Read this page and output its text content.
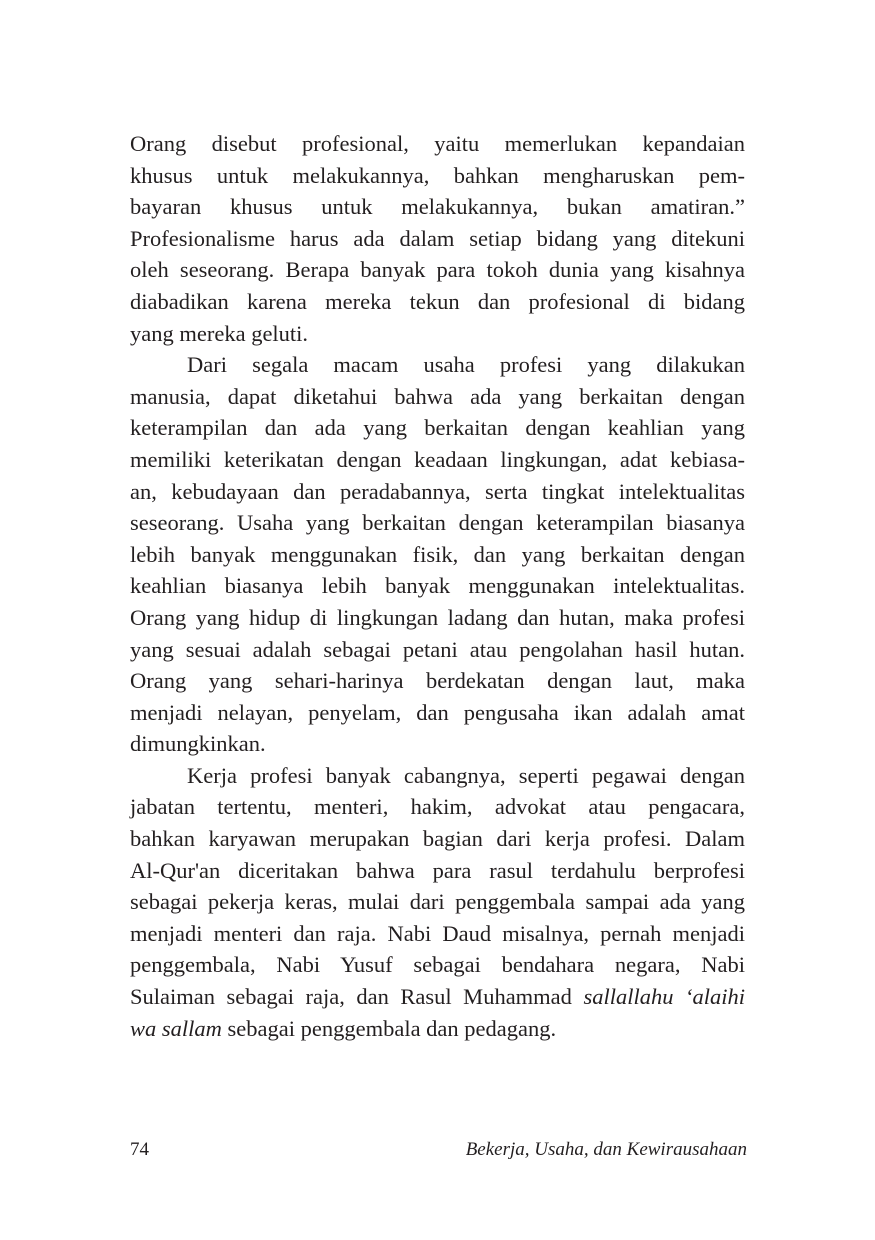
Orang disebut profesional, yaitu memerlukan kepandaian
khusus untuk melakukannya, bahkan mengharuskan pem-
bayaran khusus untuk melakukannya, bukan amatiran.”
Profesionalisme harus ada dalam setiap bidang yang ditekuni
oleh seseorang. Berapa banyak para tokoh dunia yang kisahnya
diabadikan karena mereka tekun dan profesional di bidang
yang mereka geluti.

Dari segala macam usaha profesi yang dilakukan
manusia, dapat diketahui bahwa ada yang berkaitan dengan
keterampilan dan ada yang berkaitan dengan keahlian yang
memiliki keterikatan dengan keadaan lingkungan, adat kebiasa-
an, kebudayaan dan peradabannya, serta tingkat intelektualitas
seseorang. Usaha yang berkaitan dengan keterampilan biasanya
lebih banyak menggunakan fisik, dan yang berkaitan dengan
keahlian biasanya lebih banyak menggunakan intelektualitas.
Orang yang hidup di lingkungan ladang dan hutan, maka profesi
yang sesuai adalah sebagai petani atau pengolahan hasil hutan.
Orang yang sehari-harinya berdekatan dengan laut, maka
menjadi nelayan, penyelam, dan pengusaha ikan adalah amat
dimungkinkan.

Kerja profesi banyak cabangnya, seperti pegawai dengan
jabatan tertentu, menteri, hakim, advokat atau pengacara,
bahkan karyawan merupakan bagian dari kerja profesi. Dalam
Al-Qur'an diceritakan bahwa para rasul terdahulu berprofesi
sebagai pekerja keras, mulai dari penggembala sampai ada yang
menjadi menteri dan raja. Nabi Daud misalnya, pernah menjadi
penggembala, Nabi Yusuf sebagai bendahara negara, Nabi
Sulaiman sebagai raja, dan Rasul Muhammad sallallahu ‘alaihi
wa sallam sebagai penggembala dan pedagang.

74	Bekerja, Usaha, dan Kewirausahaan
